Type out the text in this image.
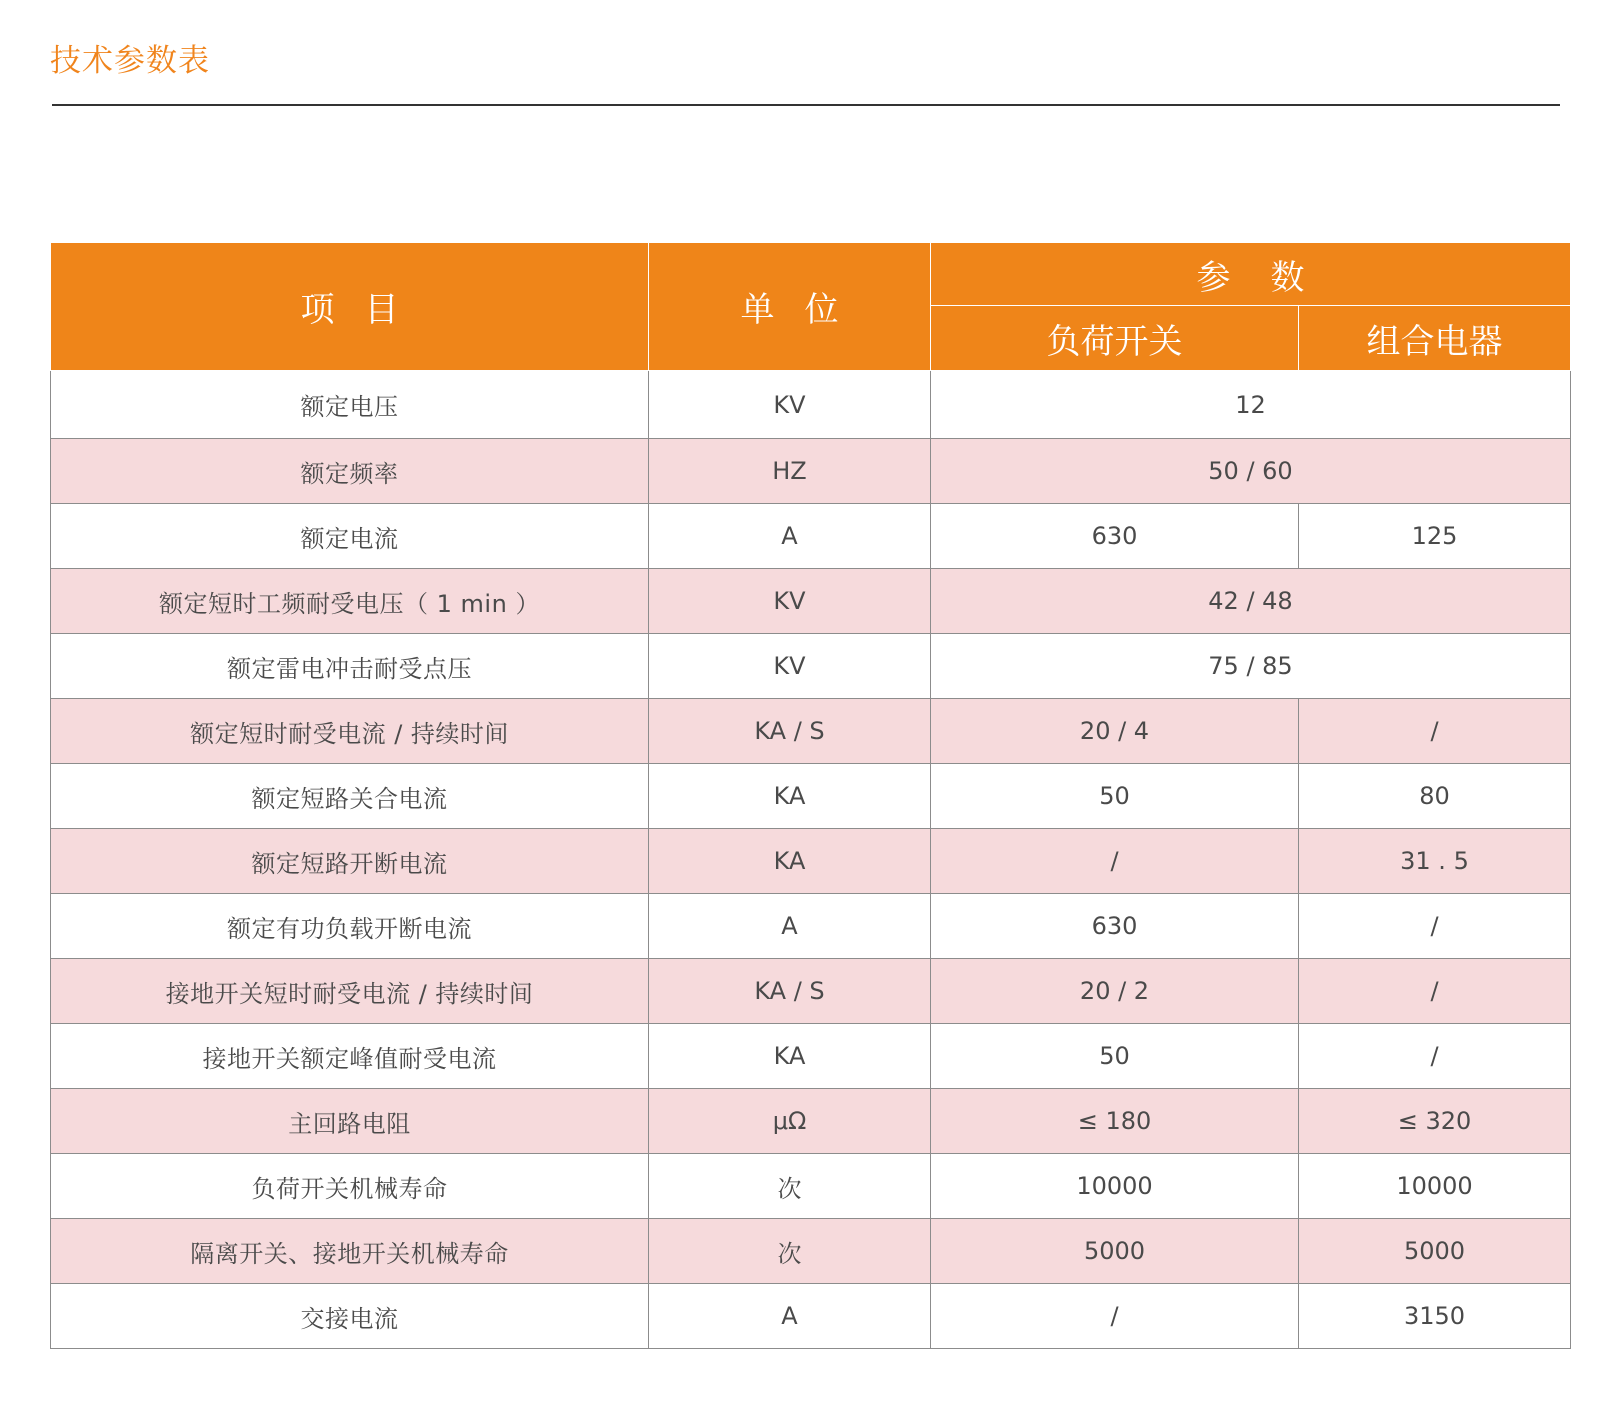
技术参数表
项目	单位	参数	
		负荷开关	组合电器
额定电压	KV	12	
额定频率	HZ	50 / 60	
额定电流	A	630	125
额定短时工频耐受电压（ 1 min ）	KV	42 / 48	
额定雷电冲击耐受点压	KV	75 / 85	
额定短时耐受电流 / 持续时间	KA / S	20 / 4	/
额定短路关合电流	KA	50	80
额定短路开断电流	KA	/	31 . 5
额定有功负载开断电流	A	630	/
接地开关短时耐受电流 / 持续时间	KA / S	20 / 2	/
接地开关额定峰值耐受电流	KA	50	/
主回路电阻	μΩ	≤ 180	≤ 320
负荷开关机械寿命	次	10000	10000
隔离开关、接地开关机械寿命	次	5000	5000
交接电流	A	/	3150
